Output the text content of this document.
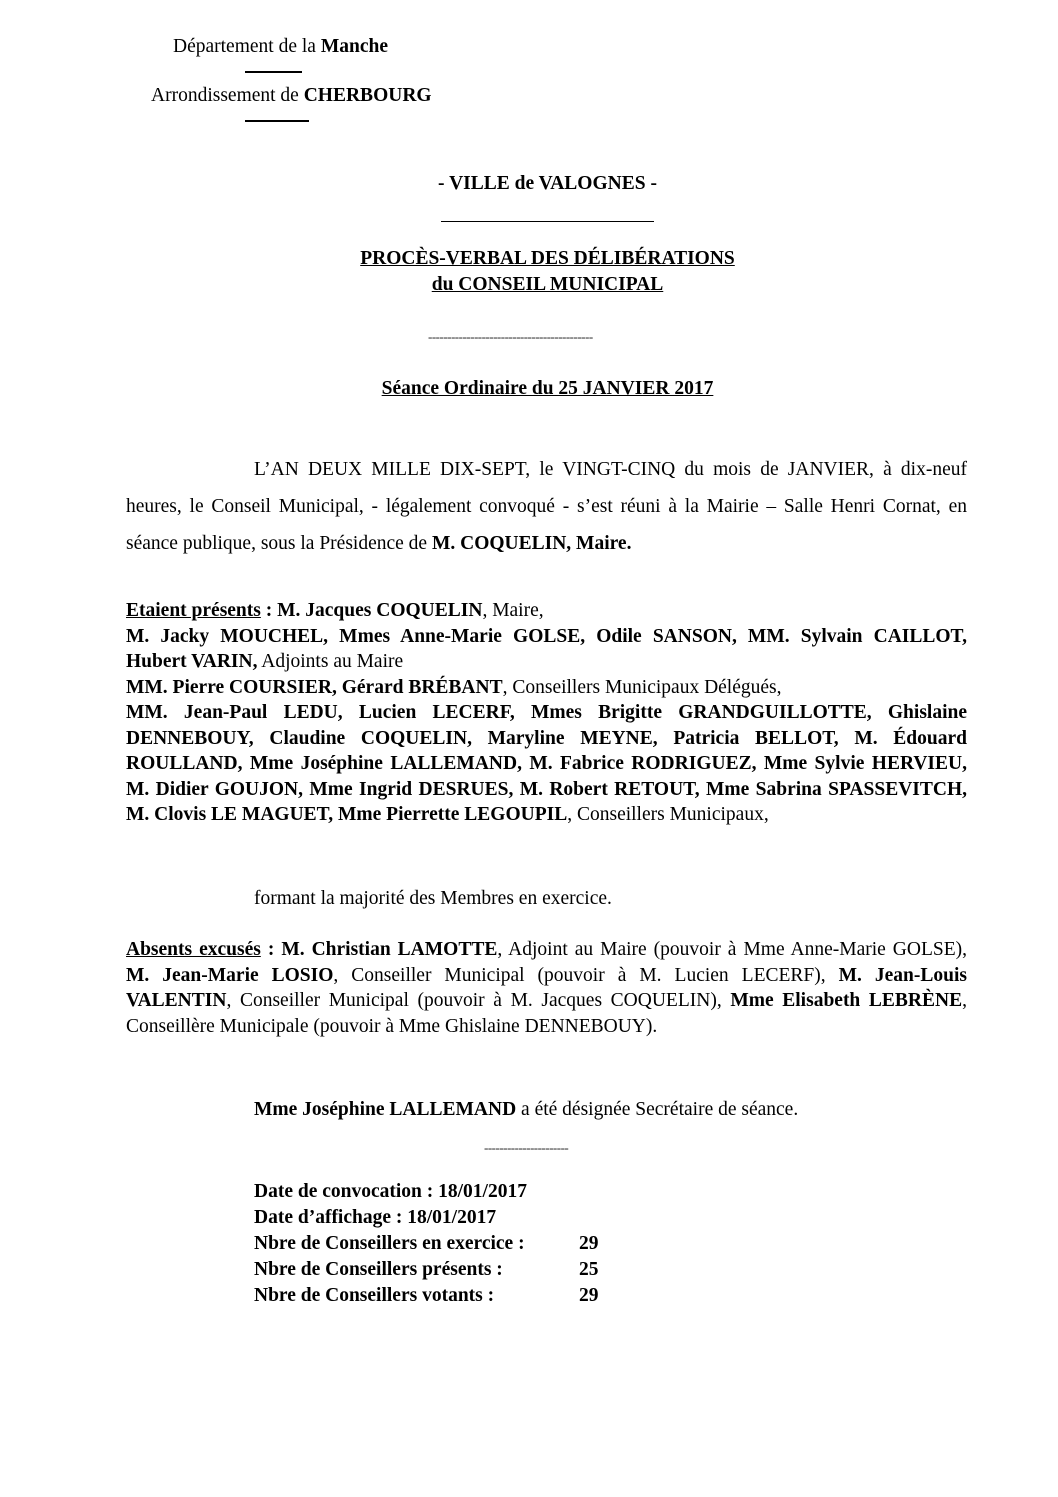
Département de la Manche
Arrondissement de CHERBOURG
- VILLE de VALOGNES -
PROCÈS-VERBAL DES DÉLIBÉRATIONS
du CONSEIL MUNICIPAL
-------------------------------------------
Séance Ordinaire du 25 JANVIER 2017
L’AN DEUX MILLE DIX-SEPT, le VINGT-CINQ du mois de JANVIER, à dix-neuf heures, le Conseil Municipal, - légalement convoqué - s’est réuni à la Mairie – Salle Henri Cornat, en séance publique, sous la Présidence de M. COQUELIN, Maire.
Etaient présents : M. Jacques COQUELIN, Maire,
M. Jacky MOUCHEL, Mmes Anne-Marie GOLSE, Odile SANSON, MM. Sylvain CAILLOT, Hubert VARIN, Adjoints au Maire
MM. Pierre COURSIER, Gérard BRÉBANT, Conseillers Municipaux Délégués,
MM. Jean-Paul LEDU, Lucien LECERF, Mmes Brigitte GRANDGUILLOTTE, Ghislaine DENNEBOUY, Claudine COQUELIN, Maryline MEYNE, Patricia BELLOT, M. Édouard ROULLAND, Mme Joséphine LALLEMAND, M. Fabrice RODRIGUEZ, Mme Sylvie HERVIEU, M. Didier GOUJON, Mme Ingrid DESRUES, M. Robert RETOUT, Mme Sabrina SPASSEVITCH, M. Clovis LE MAGUET, Mme Pierrette LEGOUPIL, Conseillers Municipaux,
formant la majorité des Membres en exercice.
Absents excusés : M. Christian LAMOTTE, Adjoint au Maire (pouvoir à Mme Anne-Marie GOLSE), M. Jean-Marie LOSIO, Conseiller Municipal (pouvoir à M. Lucien LECERF), M. Jean-Louis VALENTIN, Conseiller Municipal (pouvoir à M. Jacques COQUELIN), Mme Elisabeth LEBRÈNE, Conseillère Municipale (pouvoir à Mme Ghislaine DENNEBOUY).
Mme Joséphine LALLEMAND a été désignée Secrétaire de séance.
----------------------
Date de convocation : 18/01/2017
Date d’affichage : 18/01/2017
Nbre de Conseillers en exercice :	29
Nbre de Conseillers présents :	25
Nbre de Conseillers votants :	29
